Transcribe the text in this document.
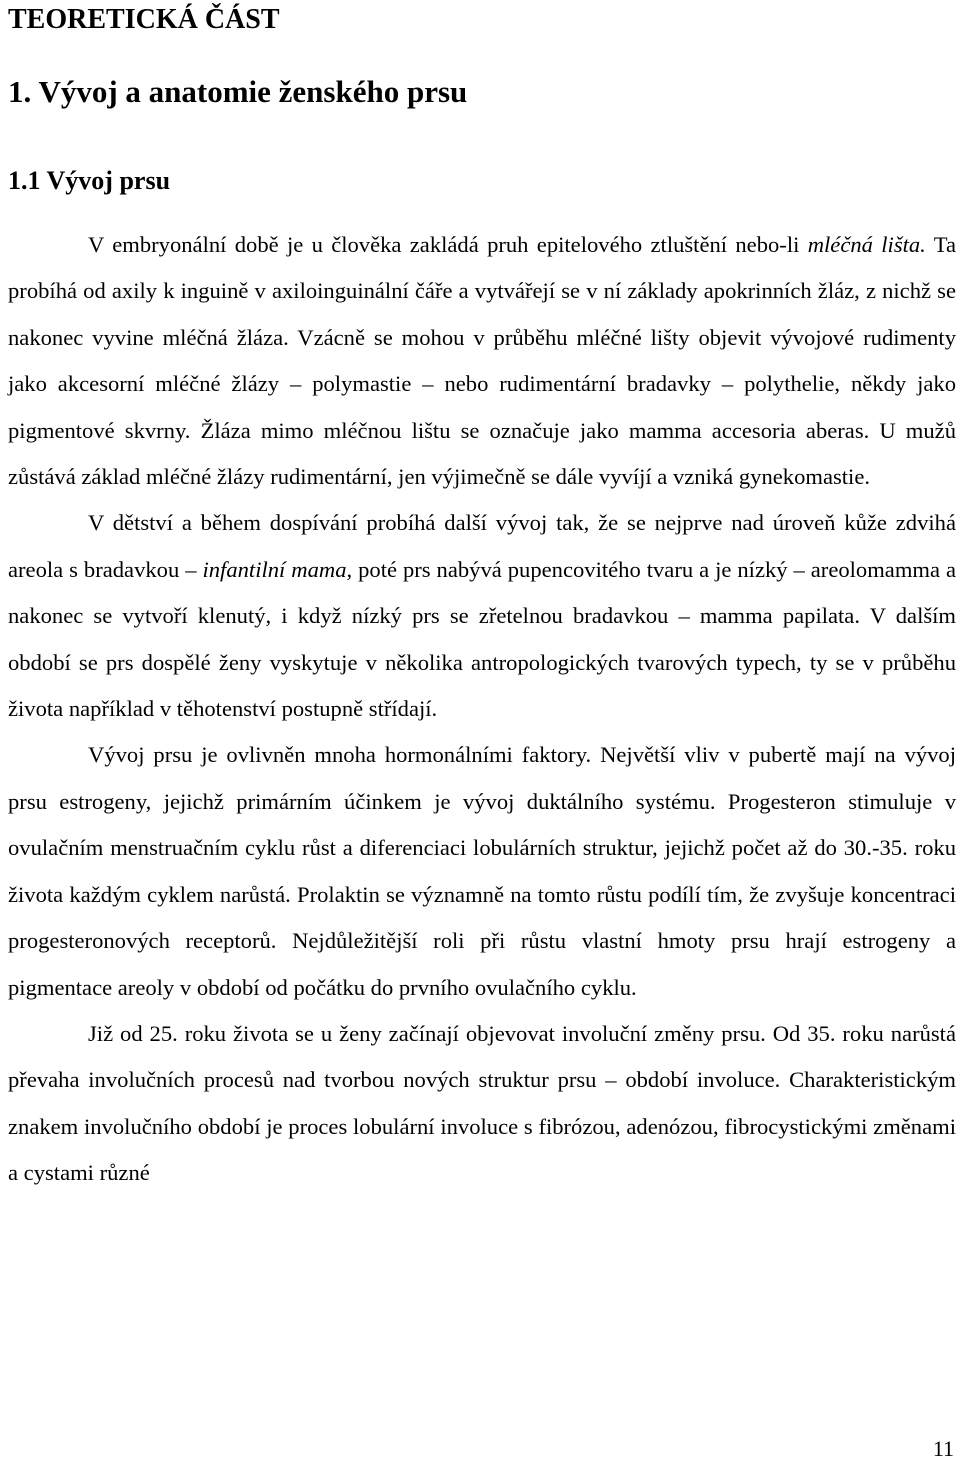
TEORETICKÁ ČÁST
1. Vývoj a anatomie ženského prsu
1.1 Vývoj prsu

V embryonální době je u člověka zakládá pruh epitelového ztluštění nebo-li mléčná lišta. Ta probíhá od axily k inguině v axiloinguinální čáře a vytvářejí se v ní základy apokrinních žláz, z nichž se nakonec vyvine mléčná žláza. Vzácně se mohou v průběhu mléčné lišty objevit vývojové rudimenty jako akcesorní mléčné žlázy – polymastie – nebo rudimentární bradavky – polythelie, někdy jako pigmentové skvrny. Žláza mimo mléčnou lištu se označuje jako mamma accesoria aberas. U mužů zůstává základ mléčné žlázy rudimentární, jen výjimečně se dále vyvíjí a vzniká gynekomastie.

V dětství a během dospívání probíhá další vývoj tak, že se nejprve nad úroveň kůže zdvihá areola s bradavkou – infantilní mama, poté prs nabývá pupencovitého tvaru a je nízký – areolomamma a nakonec se vytvoří klenutý, i když nízký prs se zřetelnou bradavkou – mamma papilata. V dalším období se prs dospělé ženy vyskytuje v několika antropologických tvarových typech, ty se v průběhu života například v těhotenství postupně střídají.

Vývoj prsu je ovlivněn mnoha hormonálními faktory. Největší vliv v pubertě mají na vývoj prsu estrogeny, jejichž primárním účinkem je vývoj duktálního systému. Progesteron stimuluje v ovulačním menstruačním cyklu růst a diferenciaci lobulárních struktur, jejichž počet až do 30.-35. roku života každým cyklem narůstá. Prolaktin se významně na tomto růstu podílí tím, že zvyšuje koncentraci progesteronových receptorů. Nejdůležitější roli při růstu vlastní hmoty prsu hrají estrogeny a pigmentace areoly v období od počátku do prvního ovulačního cyklu.

Již od 25. roku života se u ženy začínají objevovat involuční změny prsu. Od 35. roku narůstá převaha involučních procesů nad tvorbou nových struktur prsu – období involuce. Charakteristickým znakem involučního období je proces lobulární involuce s fibrózou, adenózou, fibrocystickými změnami a cystami různé

11
